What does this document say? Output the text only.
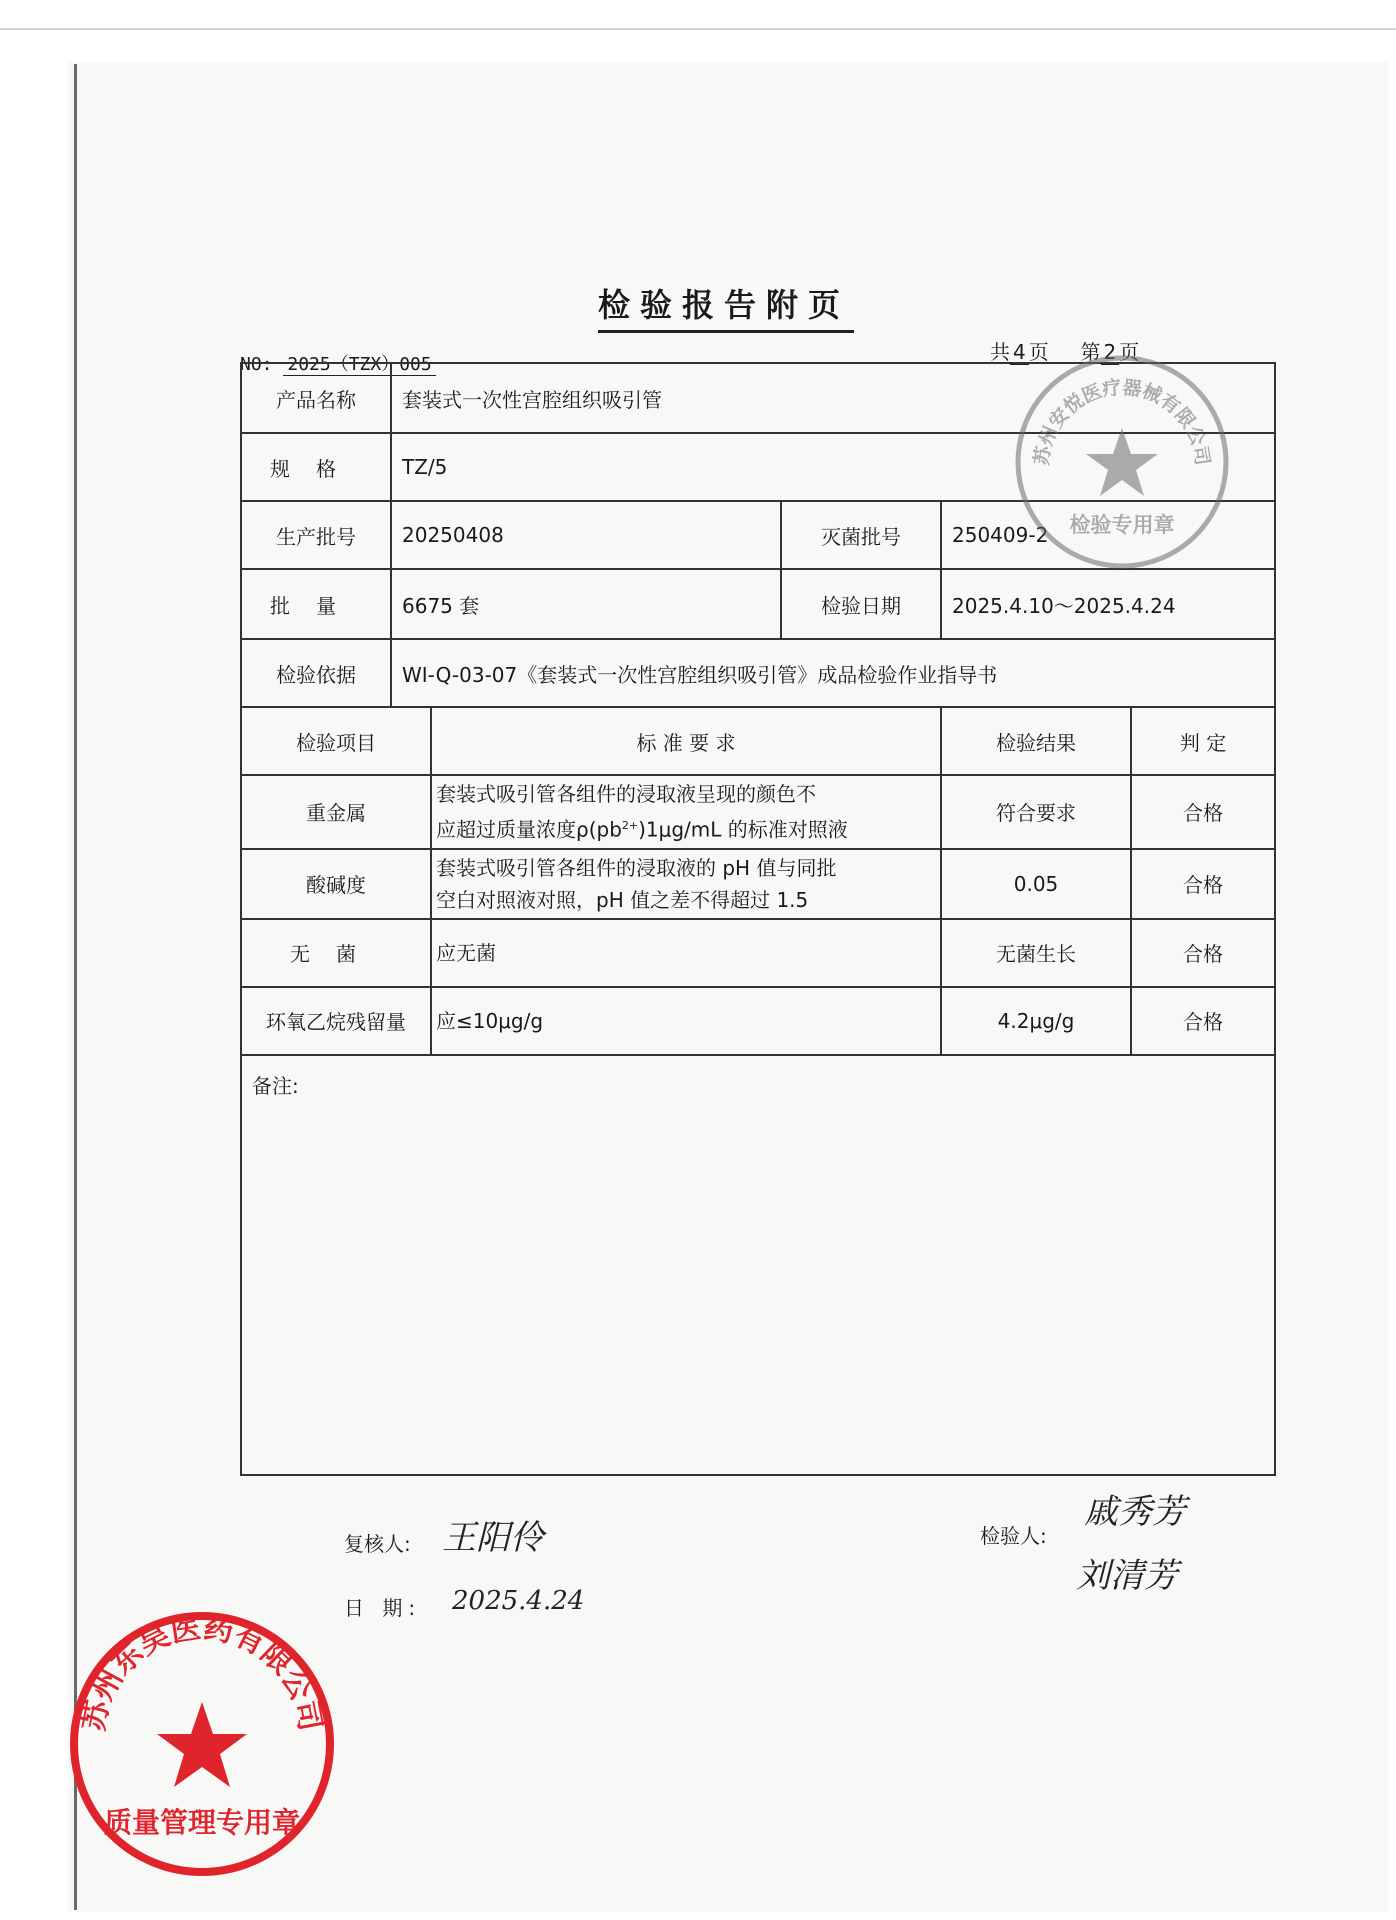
检验报告附页
NO: 2025（TZX）005
共 4 页 第 2 页
产品名称	套装式一次性宫腔组织吸引管				
规格	TZ/5				
生产批号	20250408		灭菌批号	250409-2	
批量	6675 套		检验日期	2025.4.10～2025.4.24	
检验依据	WI-Q-03-07《套装式一次性宫腔组织吸引管》成品检验作业指导书				
检验项目		标 准 要 求		检验结果	判 定
重金属		套装式吸引管各组件的浸取液呈现的颜色不
应超过质量浓度$\rho(pb^{2+})1\mu g/mL$ 的标准对照液		符合要求	合格
酸碱度		套装式吸引管各组件的浸取液的 pH 值与同批
空白对照液对照，pH 值之差不得超过 1.5		0.05	合格
无菌		应无菌		无菌生长	合格
环氧乙烷残留量		应≤10μg/g		4.2μg/g	合格
备注:					
苏州安悦医疗器械有限公司
检验专用章
复核人: 王阳伶
日 期: 2025.4.24
检验人:
戚秀芳
刘清芳
苏州东吴医药有限公司
质量管理专用章
